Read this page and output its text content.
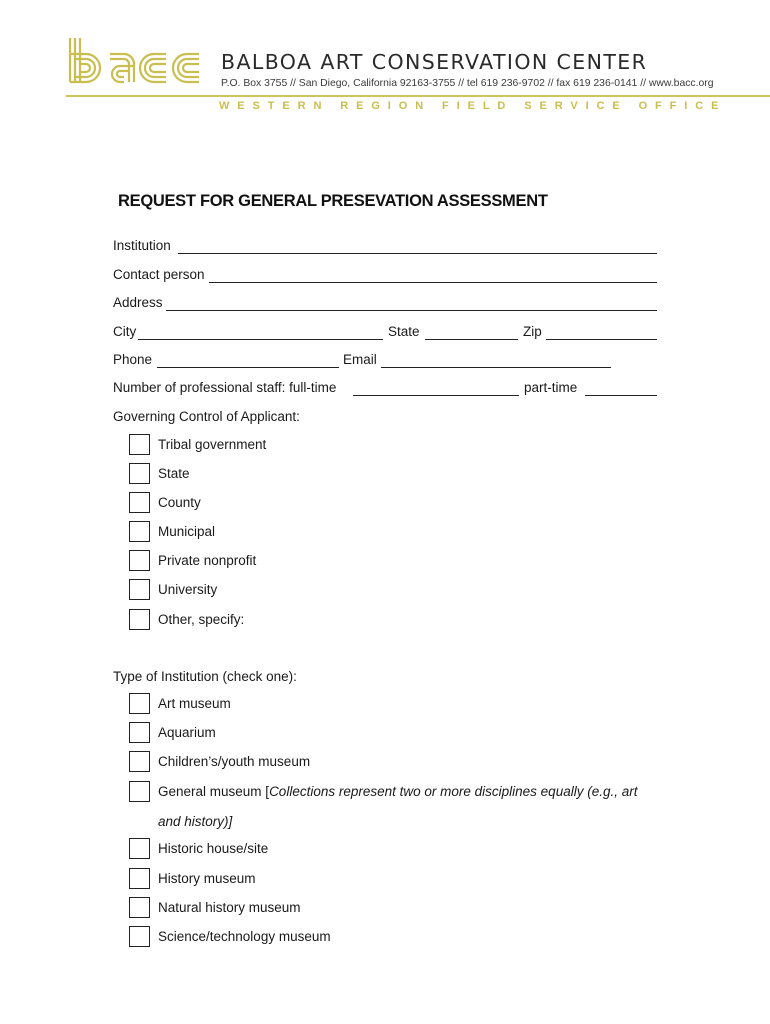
BALBOA ART CONSERVATION CENTER
P.O. Box 3755 // San Diego, California 92163-3755 // tel 619 236-9702 // fax 619 236-0141 // www.bacc.org
WESTERN REGION FIELD SERVICE OFFICE
REQUEST FOR GENERAL PRESEVATION ASSESSMENT
Institution
Contact person
Address
City	State	Zip
Phone	Email
Number of professional staff: full-time	part-time
Governing Control of Applicant:
Tribal government
State
County
Municipal
Private nonprofit
University
Other, specify:
Type of Institution (check one):
Art museum
Aquarium
Children’s/youth museum
General museum [Collections represent two or more disciplines equally (e.g., art
and history)]
Historic house/site
History museum
Natural history museum
Science/technology museum
